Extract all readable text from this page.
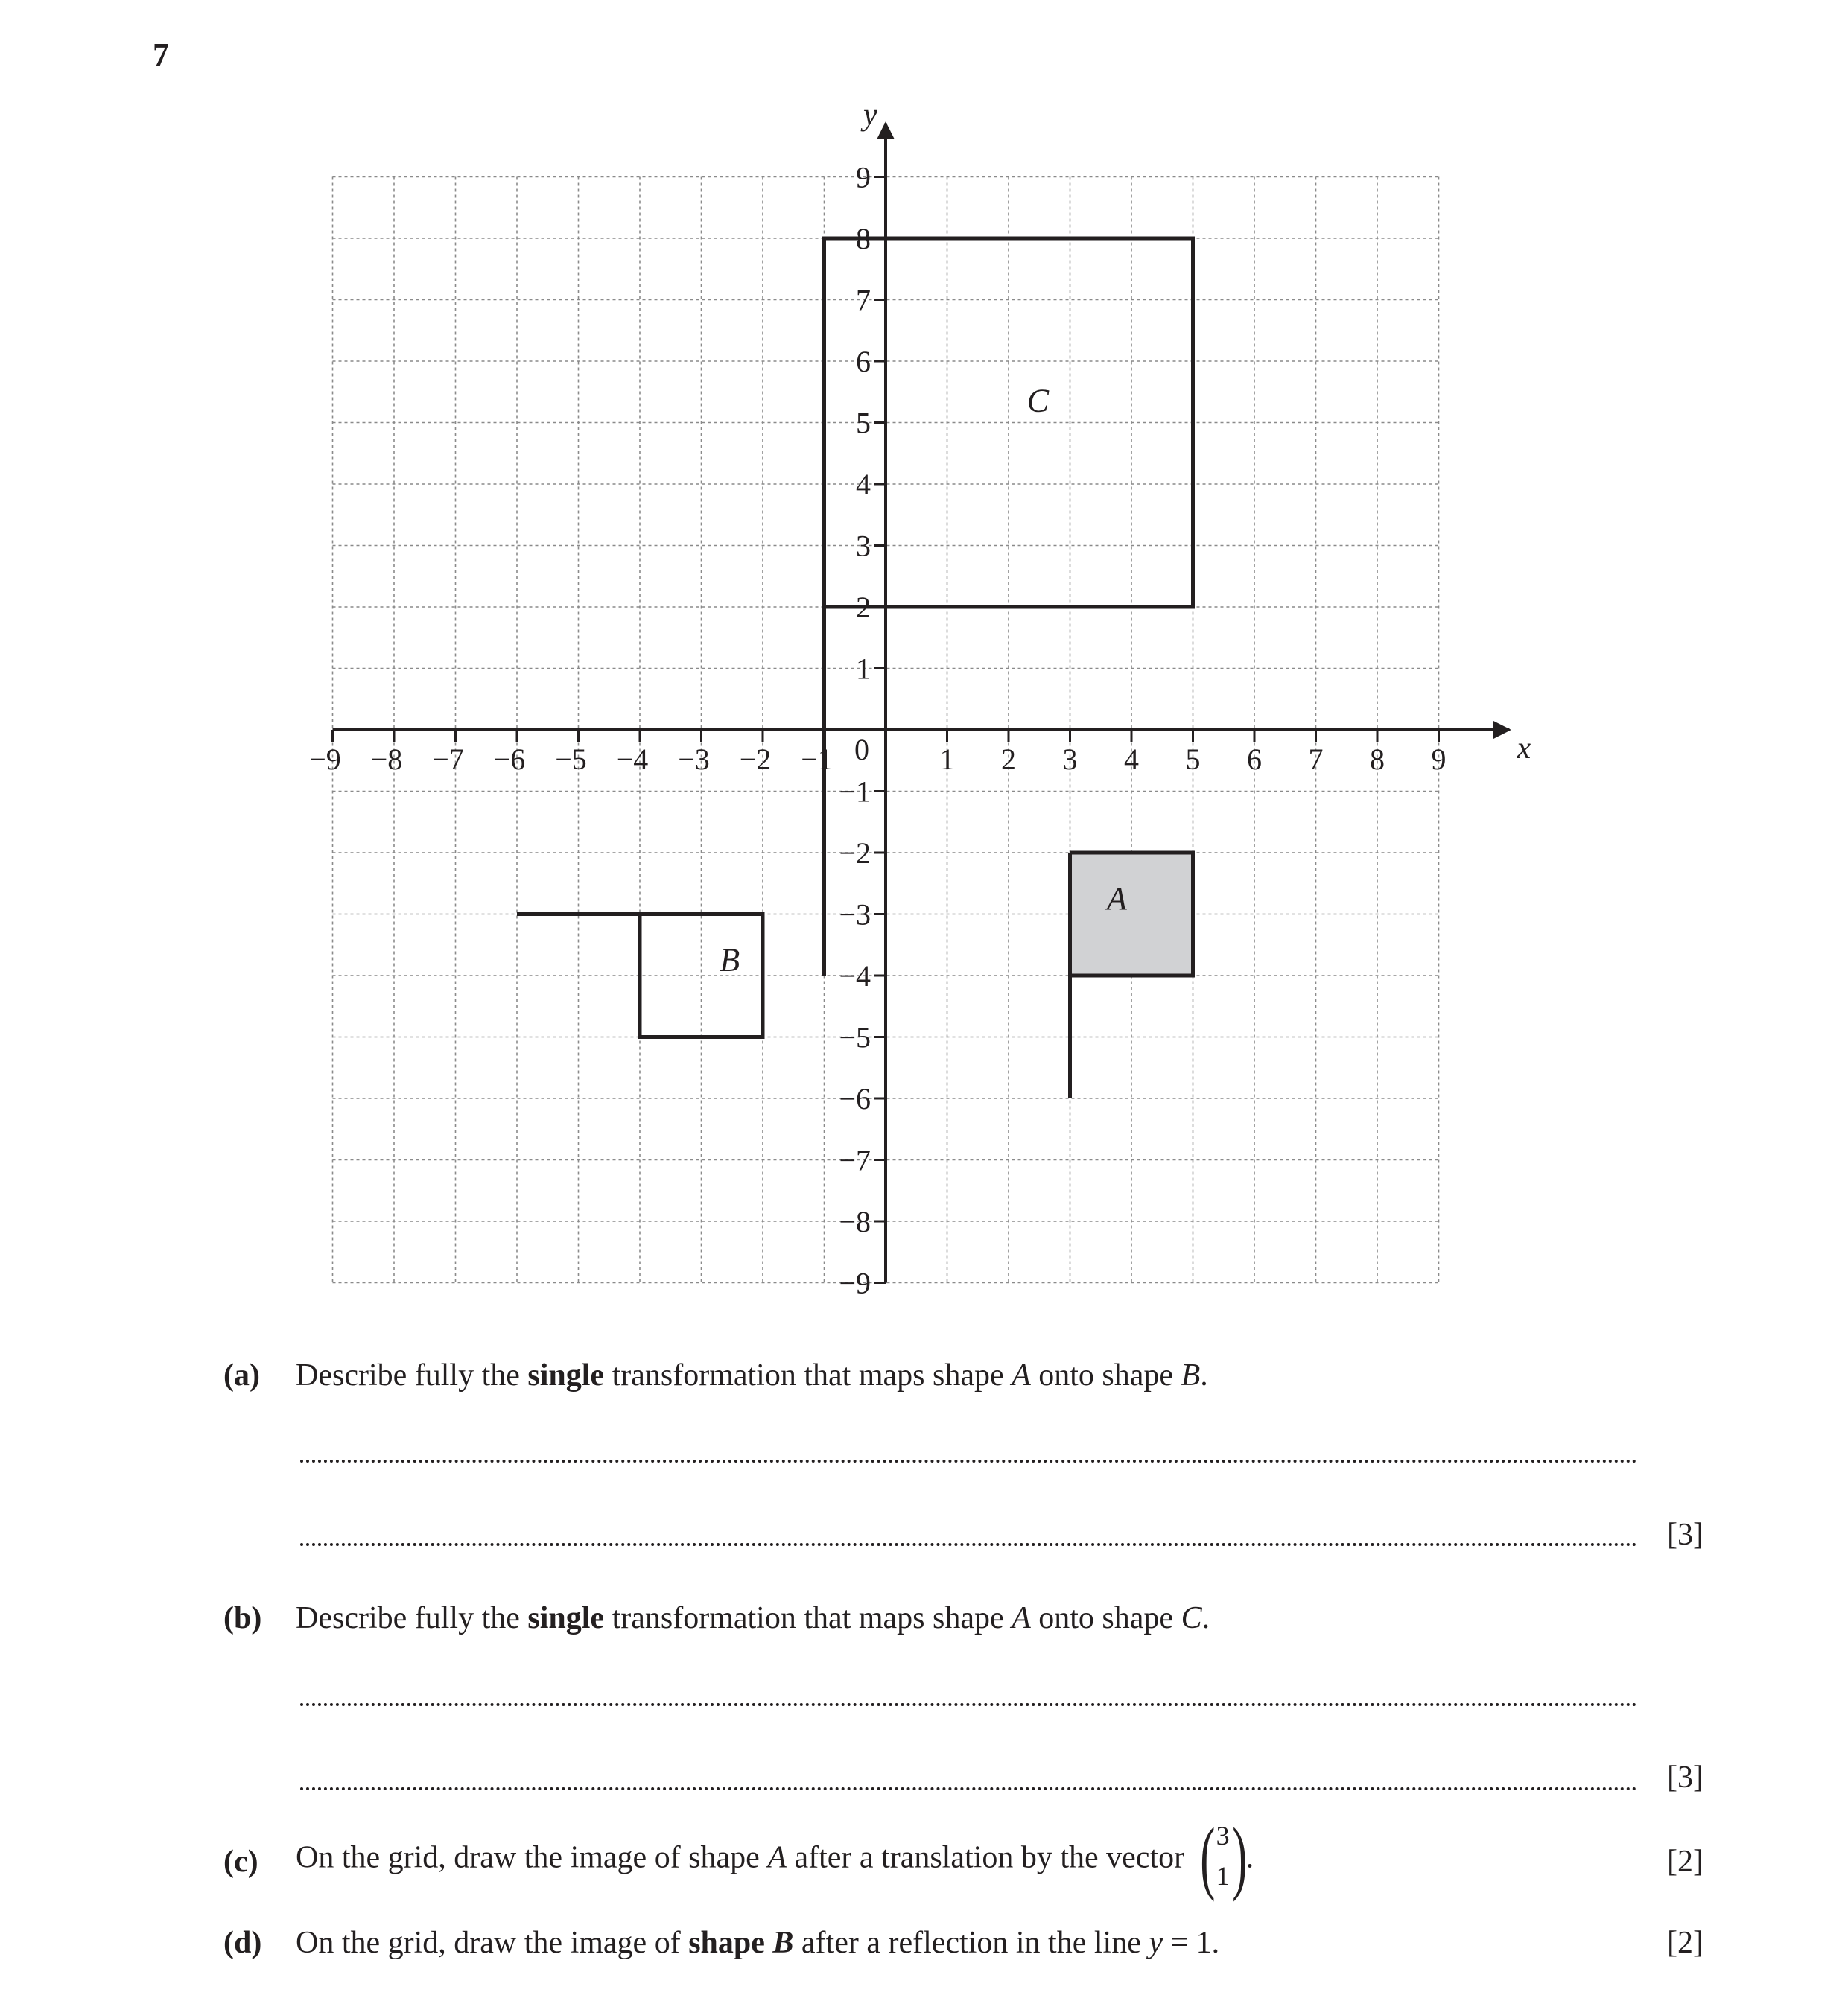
7
−9 −8 −7 −6 −5 −4 −3 −2 −1	1 2 3 4 5 6 7 8 9
9
8
7
6
5
4
3
2
1
−1
−2
−3
−4
−5
−6
−7
−8
−9
0	x
y
A
B
C
(a) Describe fully the single transformation that maps shape A onto shape B.
[3]
(b) Describe fully the single transformation that maps shape A onto shape C.
[3]
(c) On the grid, draw the image of shape A after a translation by the vector ( 3
1 )
.	[2]
(d) On the grid, draw the image of shape B after a reflection in the line y = 1.	[2]
